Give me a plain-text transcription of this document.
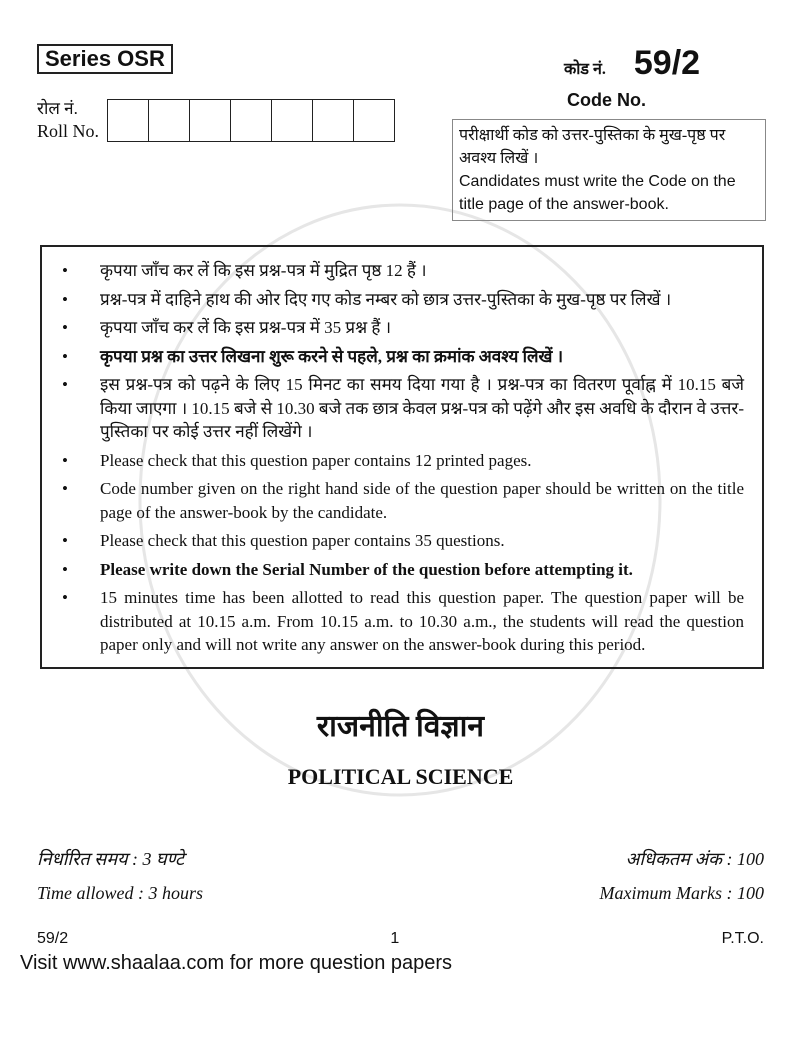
Series OSR
रोल नं.
Roll No.
कोड नं. 59/2
Code No.
परीक्षार्थी कोड को उत्तर-पुस्तिका के मुख-पृष्ठ पर अवश्य लिखें ।
Candidates must write the Code on the title page of the answer-book.
•	कृपया जाँच कर लें कि इस प्रश्न-पत्र में मुद्रित पृष्ठ 12 हैं ।
•	प्रश्न-पत्र में दाहिने हाथ की ओर दिए गए कोड नम्बर को छात्र उत्तर-पुस्तिका के मुख-पृष्ठ पर लिखें ।
•	कृपया जाँच कर लें कि इस प्रश्न-पत्र में 35 प्रश्न हैं ।
•	कृपया प्रश्न का उत्तर लिखना शुरू करने से पहले, प्रश्न का क्रमांक अवश्य लिखें ।
•	इस प्रश्न-पत्र को पढ़ने के लिए 15 मिनट का समय दिया गया है । प्रश्न-पत्र का वितरण पूर्वाह्न में 10.15 बजे किया जाएगा । 10.15 बजे से 10.30 बजे तक छात्र केवल प्रश्न-पत्र को पढ़ेंगे और इस अवधि के दौरान वे उत्तर-पुस्तिका पर कोई उत्तर नहीं लिखेंगे ।
•	Please check that this question paper contains 12 printed pages.
•	Code number given on the right hand side of the question paper should be written on the title page of the answer-book by the candidate.
•	Please check that this question paper contains 35 questions.
•	Please write down the Serial Number of the question before attempting it.
•	15 minutes time has been allotted to read this question paper. The question paper will be distributed at 10.15 a.m. From 10.15 a.m. to 10.30 a.m., the students will read the question paper only and will not write any answer on the answer-book during this period.
राजनीति विज्ञान
POLITICAL SCIENCE
निर्धारित समय : 3 घण्टे	अधिकतम अंक : 100
Time allowed : 3 hours	Maximum Marks : 100
59/2	1	P.T.O.
Visit www.shaalaa.com for more question papers
